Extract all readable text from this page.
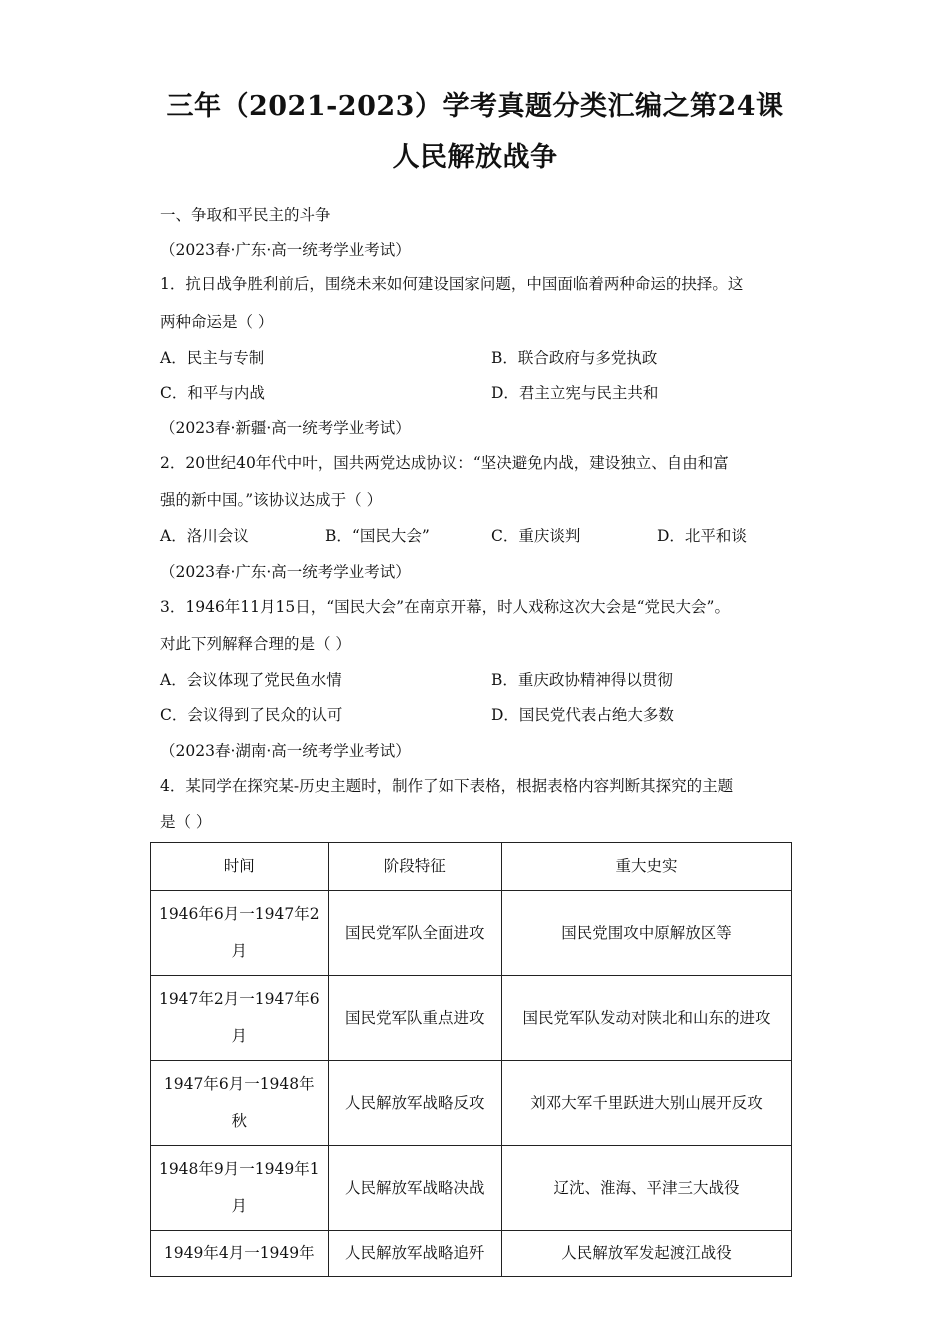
三年（2021-2023）学考真题分类汇编之第24课
人民解放战争
一、争取和平民主的斗争
（2023春·广东·高一统考学业考试）
1．抗日战争胜利前后，围绕未来如何建设国家问题，中国面临着两种命运的抉择。这
两种命运是（ ）
A．民主与专制	B．联合政府与多党执政
C．和平与内战	D．君主立宪与民主共和
（2023春·新疆·高一统考学业考试）
2．20世纪40年代中叶，国共两党达成协议：“坚决避免内战，建设独立、自由和富
强的新中国。”该协议达成于（ ）
A．洛川会议	B．“国民大会”	C．重庆谈判	D．北平和谈
（2023春·广东·高一统考学业考试）
3．1946年11月15日，“国民大会”在南京开幕，时人戏称这次大会是“党民大会”。
对此下列解释合理的是（ ）
A．会议体现了党民鱼水情	B．重庆政协精神得以贯彻
C．会议得到了民众的认可	D．国民党代表占绝大多数
（2023春·湖南·高一统考学业考试）
4．某同学在探究某-历史主题时，制作了如下表格，根据表格内容判断其探究的主题
是（ ）
时间	阶段特征	重大史实
1946年6月一1947年2月	国民党军队全面进攻	国民党围攻中原解放区等
1947年2月一1947年6月	国民党军队重点进攻	国民党军队发动对陕北和山东的进攻
1947年6月一1948年秋	人民解放军战略反攻	刘邓大军千里跃进大别山展开反攻
1948年9月一1949年1月	人民解放军战略决战	辽沈、淮海、平津三大战役
1949年4月一1949年	人民解放军战略追歼	人民解放军发起渡江战役
